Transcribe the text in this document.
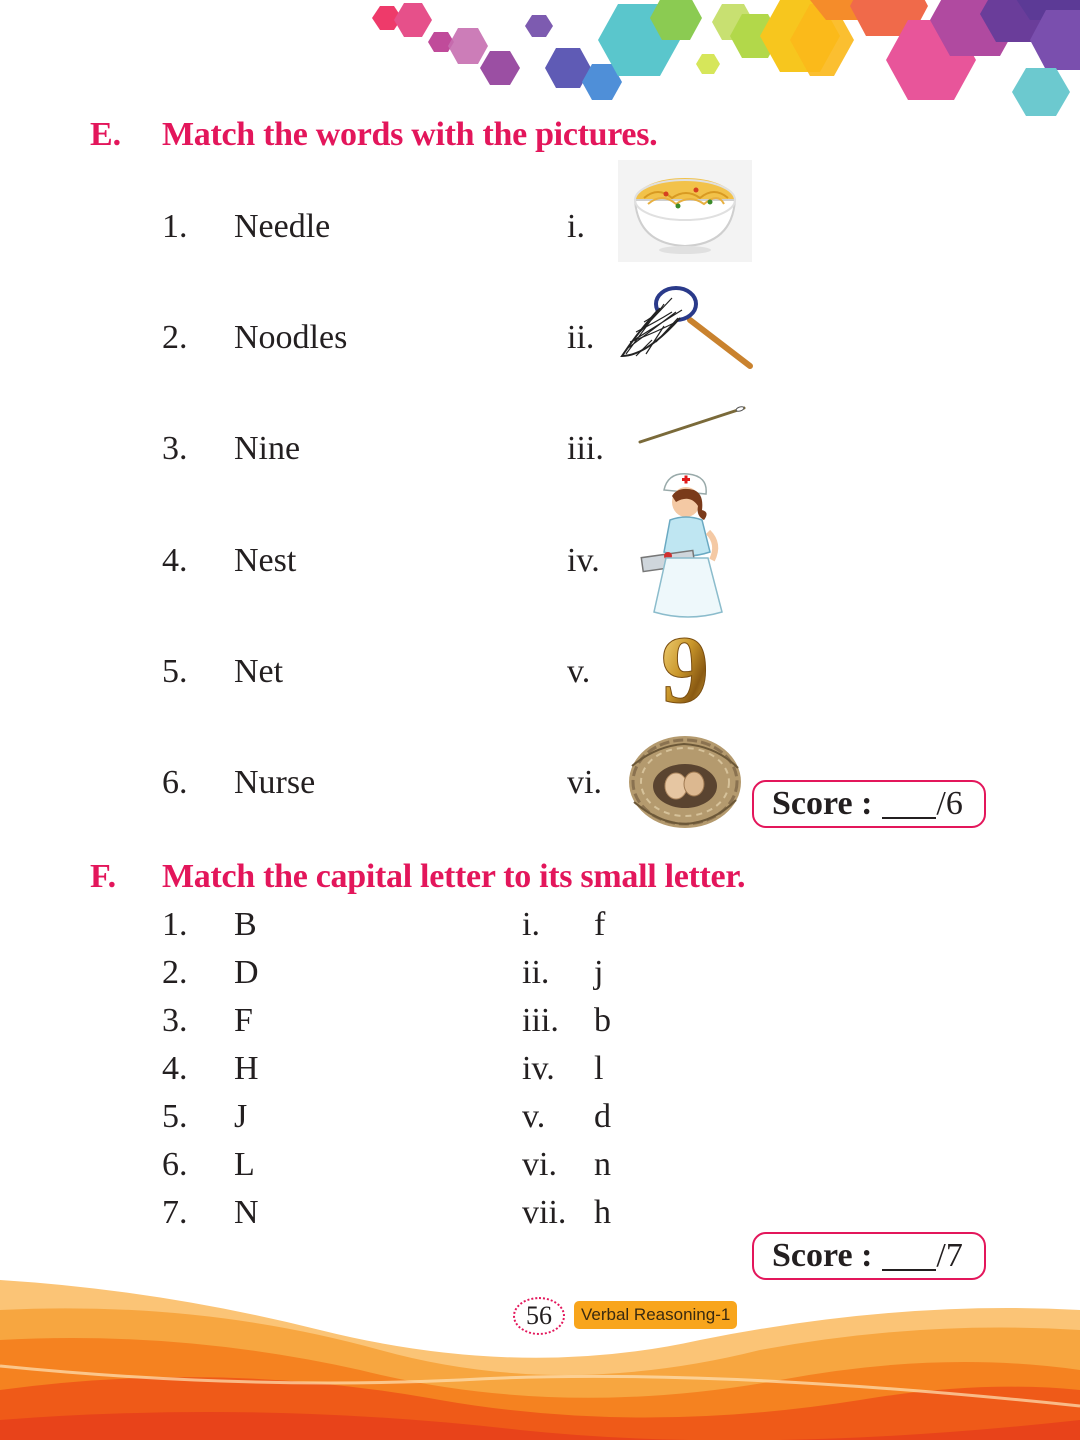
E. Match the words with the pictures.
1. Needle
2. Noodles
3. Nine
4. Nest
5. Net
6. Nurse
i.
ii.
iii.
iv.
v.
vi.
9
Score : /6
F. Match the capital letter to its small letter.
1. B
2. D
3. F
4. H
5. J
6. L
7. N
i. f
ii. j
iii. b
iv. l
v. d
vi. n
vii. h
Score : /7
56	Verbal Reasoning-1
